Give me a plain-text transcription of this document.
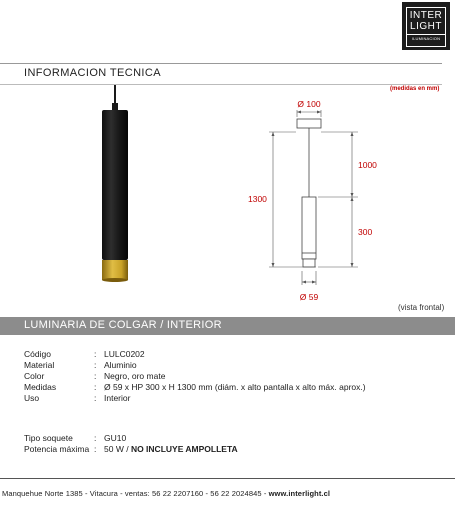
INTER
LIGHT
ILUMINACION
INFORMACION TECNICA
(medidas en mm)
Ø 100
1000
1300
300
Ø 59
(vista frontal)
LUMINARIA DE COLGAR / INTERIOR
Código	: LULC0202
Material	: Aluminio
Color	: Negro, oro mate
Medidas	: Ø 59 x HP 300 x H 1300 mm (diám. x alto pantalla x alto máx. aprox.)
Uso	: Interior
Tipo soquete	: GU10
Potencia máxima : 50 W / NO INCLUYE AMPOLLETA
Manquehue Norte 1385 - Vitacura - ventas: 56 22 2207160 - 56 22 2024845 - www.interlight.cl
